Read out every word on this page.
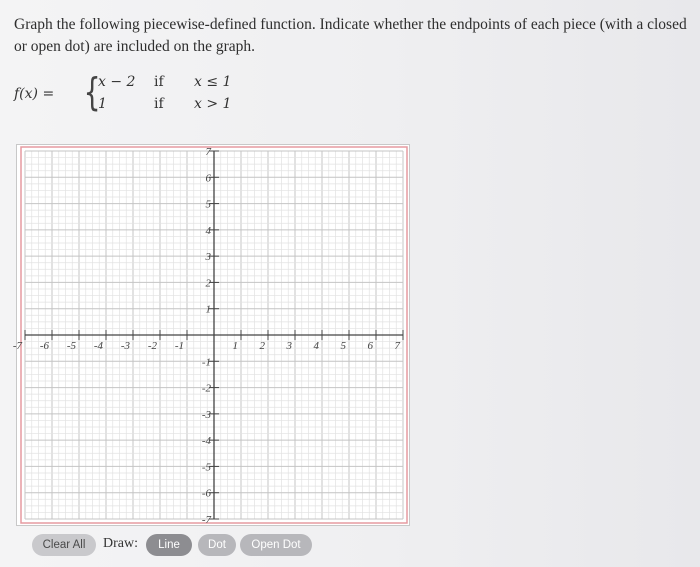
Graph the following piecewise-defined function. Indicate whether the endpoints of each piece (with a closed or open dot) are included on the graph.
f(x) = {
x − 2 if x ≤ 1
1	if x > 1
-7 -6 -5 -4 -3 -2 -1	1 2 3 4 5 6 7
7
6
5
4
3
2
1
-1
-2
-3
-4
-5
-6
-7
Clear All	Draw:	Line	Dot	Open Dot
